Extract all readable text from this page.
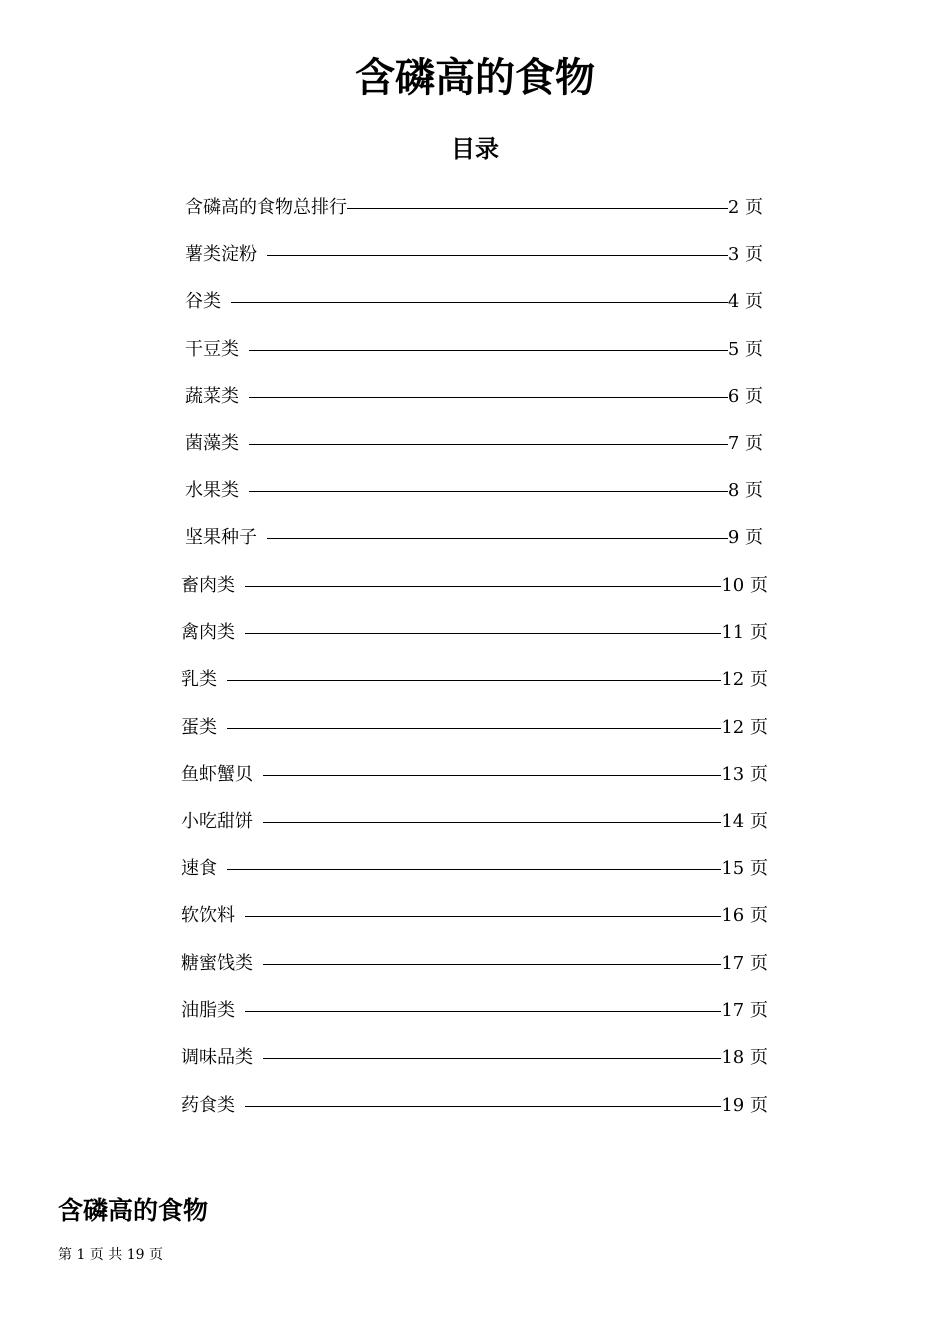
含磷高的食物
目录
含磷高的食物总排行	2 页
薯类淀粉	3 页
谷类	4 页
干豆类	5 页
蔬菜类	6 页
菌藻类	7 页
水果类	8 页
坚果种子	9 页
畜肉类	10 页
禽肉类	11 页
乳类	12 页
蛋类	12 页
鱼虾蟹贝	13 页
小吃甜饼	14 页
速食	15 页
软饮料	16 页
糖蜜饯类	17 页
油脂类	17 页
调味品类	18 页
药食类	19 页
含磷高的食物
第 1 页 共 19 页
